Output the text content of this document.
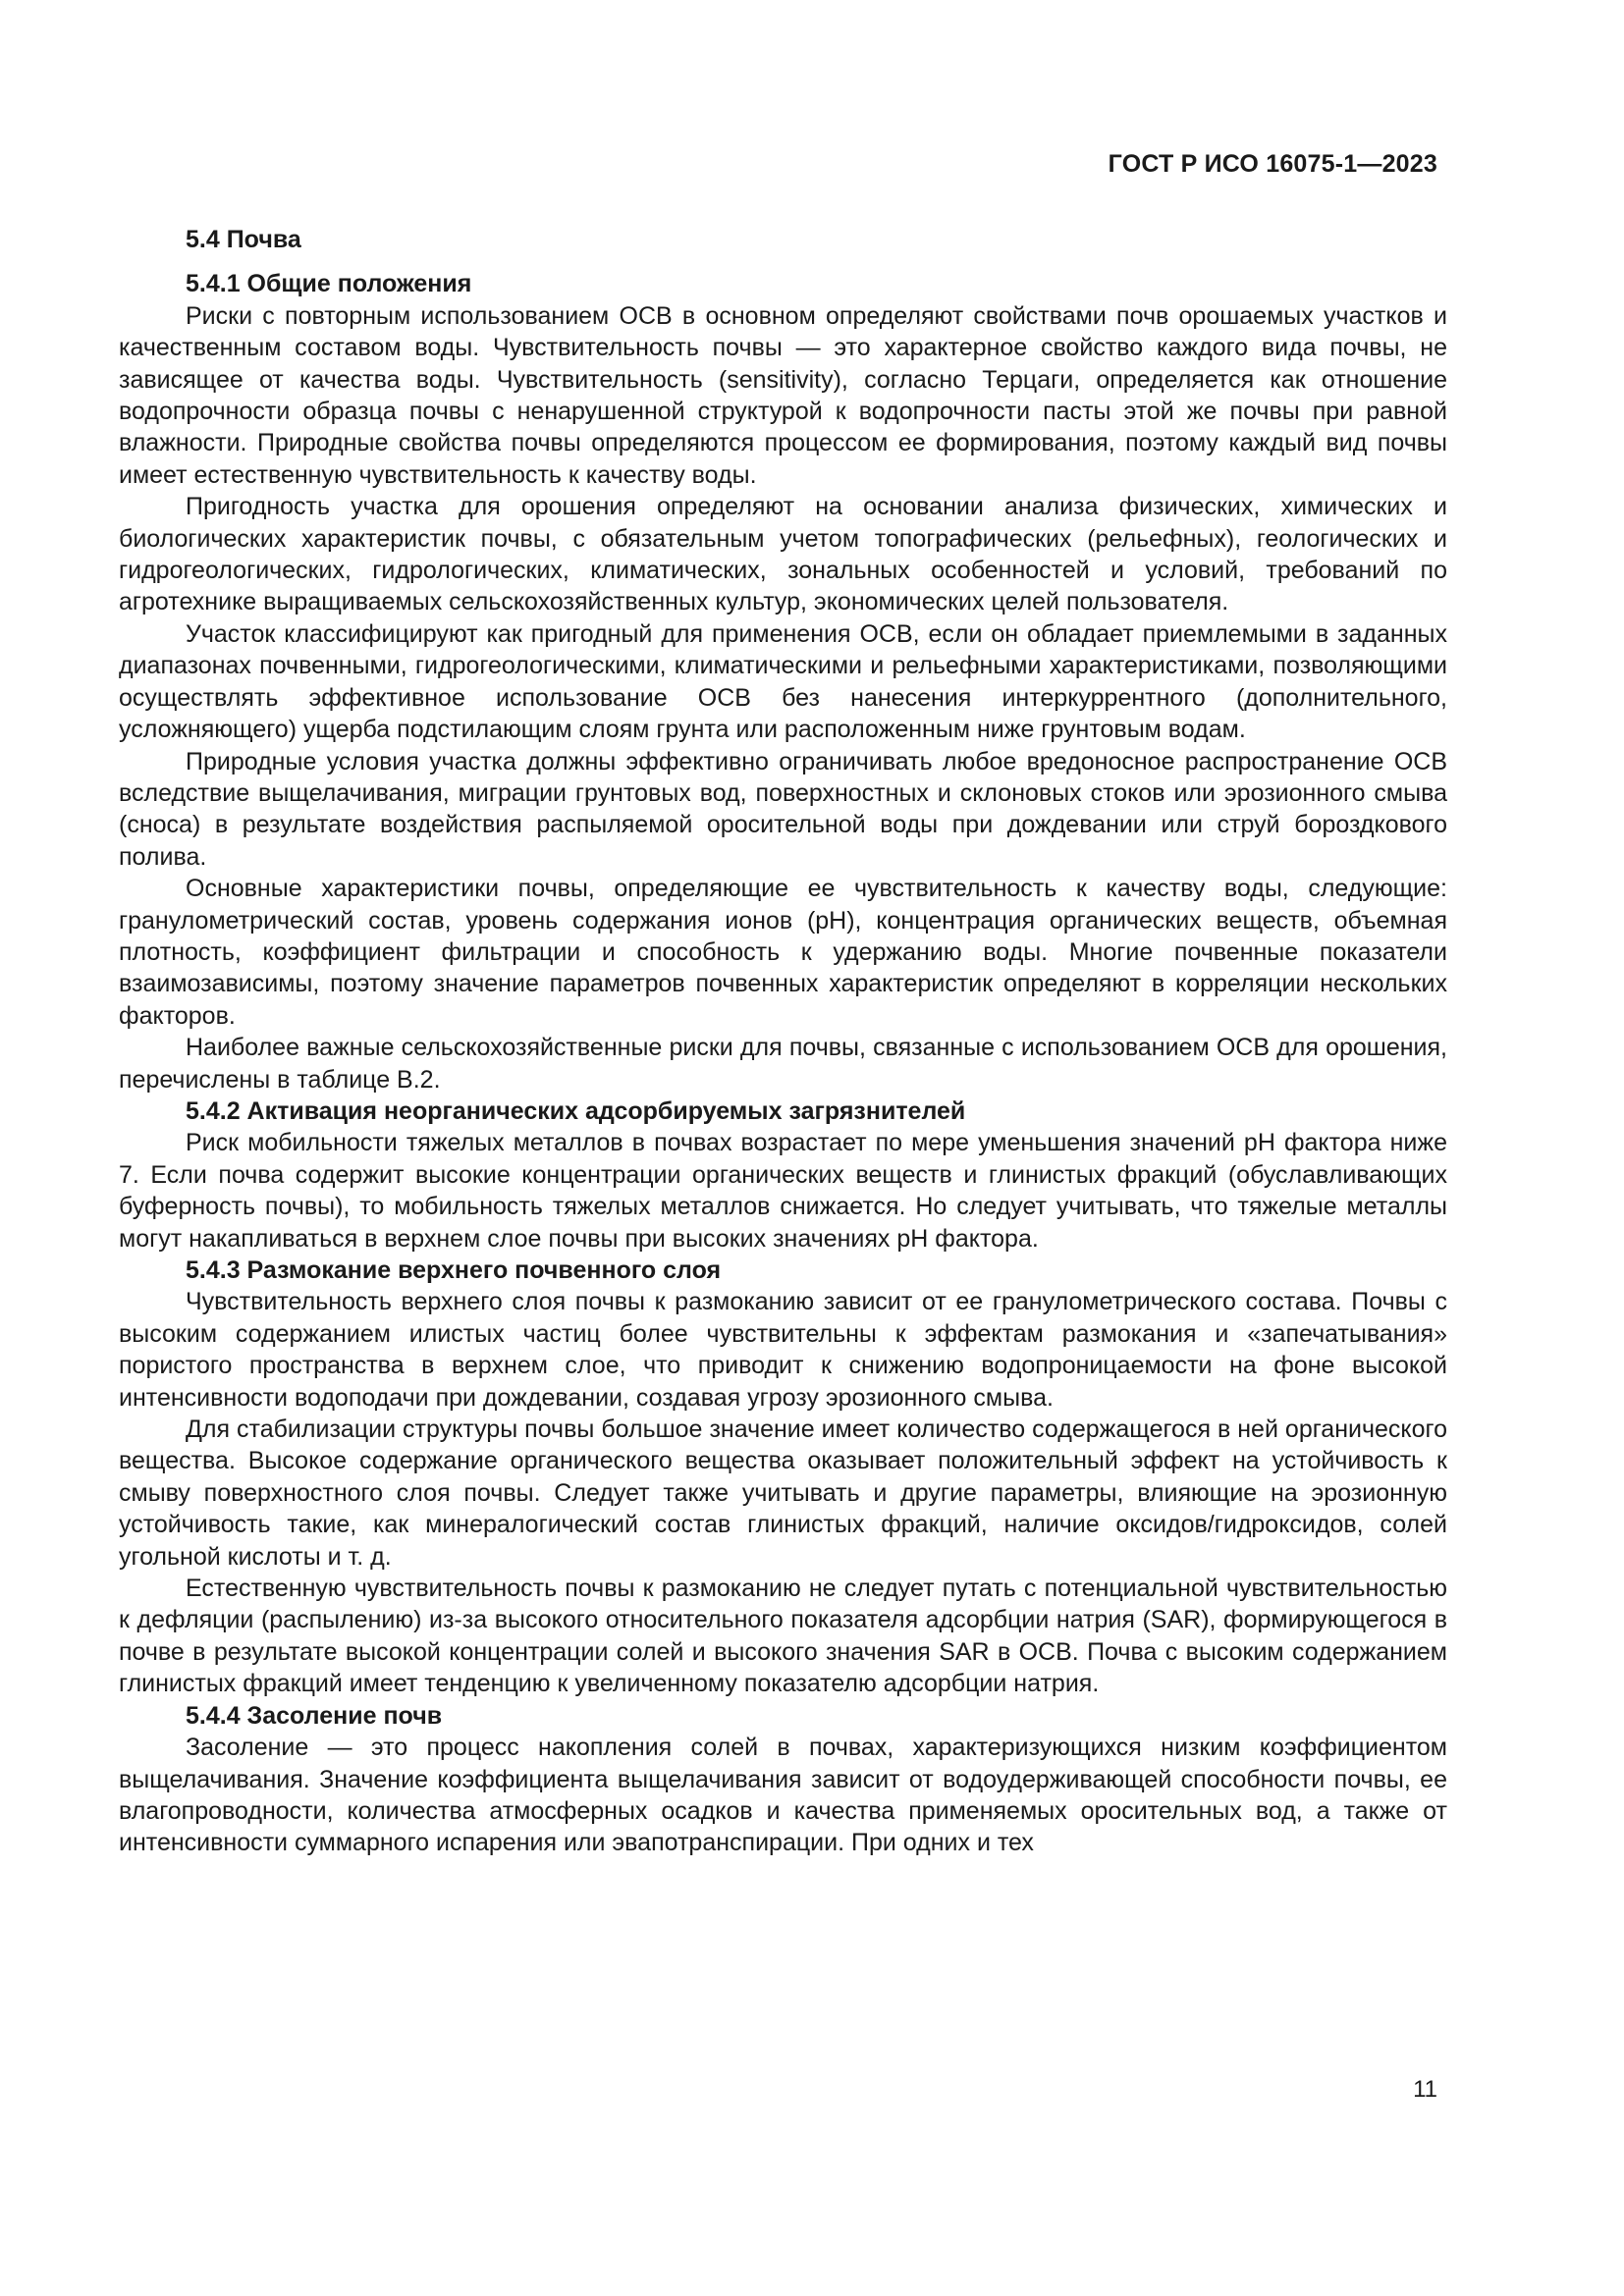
ГОСТ Р ИСО 16075-1—2023

5.4 Почва

5.4.1 Общие положения

Риски с повторным использованием ОСВ в основном определяют свойствами почв орошаемых участков и качественным составом воды. Чувствительность почвы — это характерное свойство каждого вида почвы, не зависящее от качества воды. Чувствительность (sensitivity), согласно Терцаги, определяется как отношение водопрочности образца почвы с ненарушенной структурой к водопрочности пасты этой же почвы при равной влажности. Природные свойства почвы определяются процессом ее формирования, поэтому каждый вид почвы имеет естественную чувствительность к качеству воды.

Пригодность участка для орошения определяют на основании анализа физических, химических и биологических характеристик почвы, с обязательным учетом топографических (рельефных), геологических и гидрогеологических, гидрологических, климатических, зональных особенностей и условий, требований по агротехнике выращиваемых сельскохозяйственных культур, экономических целей пользователя.

Участок классифицируют как пригодный для применения ОСВ, если он обладает приемлемыми в заданных диапазонах почвенными, гидрогеологическими, климатическими и рельефными характеристиками, позволяющими осуществлять эффективное использование ОСВ без нанесения интеркуррентного (дополнительного, усложняющего) ущерба подстилающим слоям грунта или расположенным ниже грунтовым водам.

Природные условия участка должны эффективно ограничивать любое вредоносное распространение ОСВ вследствие выщелачивания, миграции грунтовых вод, поверхностных и склоновых стоков или эрозионного смыва (сноса) в результате воздействия распыляемой оросительной воды при дождевании или струй бороздкового полива.

Основные характеристики почвы, определяющие ее чувствительность к качеству воды, следующие: гранулометрический состав, уровень содержания ионов (pH), концентрация органических веществ, объемная плотность, коэффициент фильтрации и способность к удержанию воды. Многие почвенные показатели взаимозависимы, поэтому значение параметров почвенных характеристик определяют в корреляции нескольких факторов.

Наиболее важные сельскохозяйственные риски для почвы, связанные с использованием ОСВ для орошения, перечислены в таблице В.2.

5.4.2 Активация неорганических адсорбируемых загрязнителей

Риск мобильности тяжелых металлов в почвах возрастает по мере уменьшения значений pH фактора ниже 7. Если почва содержит высокие концентрации органических веществ и глинистых фракций (обуславливающих буферность почвы), то мобильность тяжелых металлов снижается. Но следует учитывать, что тяжелые металлы могут накапливаться в верхнем слое почвы при высоких значениях pH фактора.

5.4.3 Размокание верхнего почвенного слоя

Чувствительность верхнего слоя почвы к размоканию зависит от ее гранулометрического состава. Почвы с высоким содержанием илистых частиц более чувствительны к эффектам размокания и «запечатывания» пористого пространства в верхнем слое, что приводит к снижению водопроницаемости на фоне высокой интенсивности водоподачи при дождевании, создавая угрозу эрозионного смыва.

Для стабилизации структуры почвы большое значение имеет количество содержащегося в ней органического вещества. Высокое содержание органического вещества оказывает положительный эффект на устойчивость к смыву поверхностного слоя почвы. Следует также учитывать и другие параметры, влияющие на эрозионную устойчивость такие, как минералогический состав глинистых фракций, наличие оксидов/гидроксидов, солей угольной кислоты и т. д.

Естественную чувствительность почвы к размоканию не следует путать с потенциальной чувствительностью к дефляции (распылению) из-за высокого относительного показателя адсорбции натрия (SAR), формирующегося в почве в результате высокой концентрации солей и высокого значения SAR в ОСВ. Почва с высоким содержанием глинистых фракций имеет тенденцию к увеличенному показателю адсорбции натрия.

5.4.4 Засоление почв

Засоление — это процесс накопления солей в почвах, характеризующихся низким коэффициентом выщелачивания. Значение коэффициента выщелачивания зависит от водоудерживающей способности почвы, ее влагопроводности, количества атмосферных осадков и качества применяемых оросительных вод, а также от интенсивности суммарного испарения или эвапотранспирации. При одних и тех

11
